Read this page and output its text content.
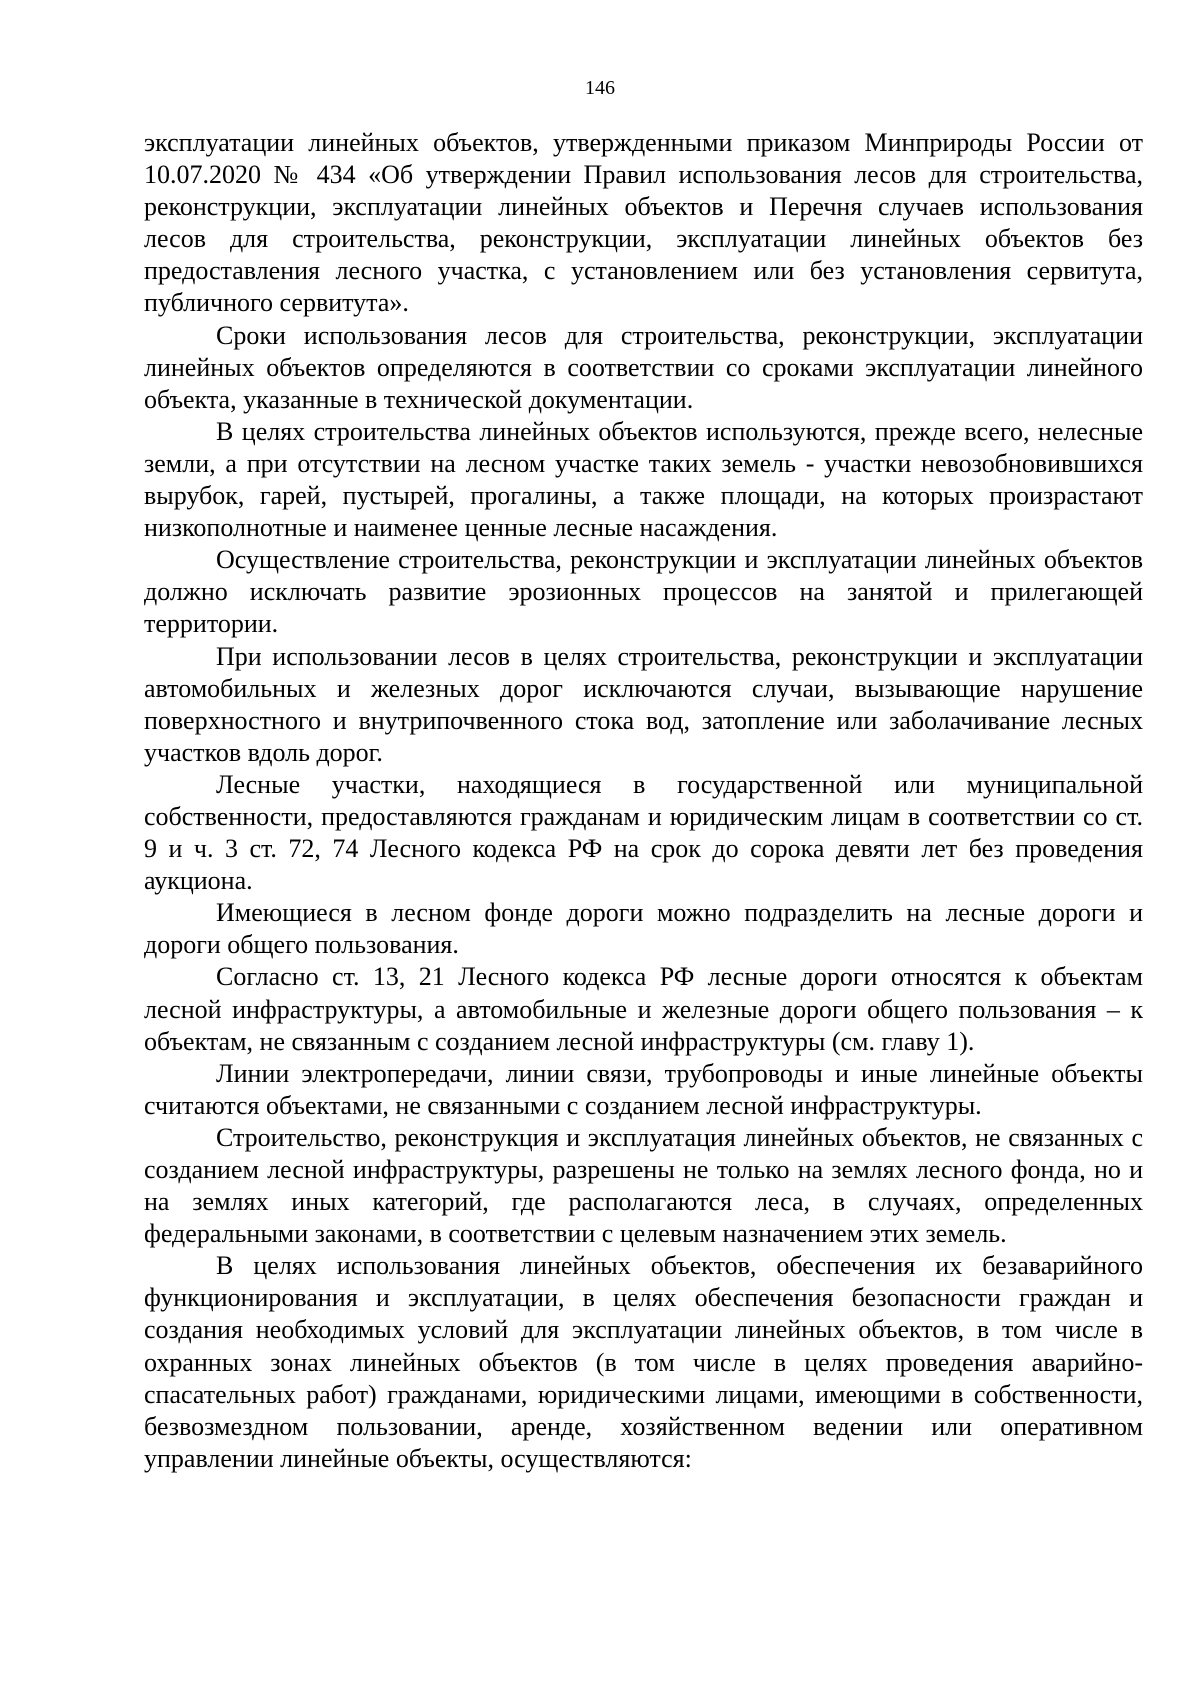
146

эксплуатации линейных объектов, утвержденными приказом Минприроды России от 10.07.2020 № 434 «Об утверждении Правил использования лесов для строительства, реконструкции, эксплуатации линейных объектов и Перечня случаев использования лесов для строительства, реконструкции, эксплуатации линейных объектов без предоставления лесного участка, с установлением или без установления сервитута, публичного сервитута».

Сроки использования лесов для строительства, реконструкции, эксплуатации линейных объектов определяются в соответствии со сроками эксплуатации линейного объекта, указанные в технической документации.

В целях строительства линейных объектов используются, прежде всего, нелесные земли, а при отсутствии на лесном участке таких земель - участки невозобновившихся вырубок, гарей, пустырей, прогалины, а также площади, на которых произрастают низкополнотные и наименее ценные лесные насаждения.

Осуществление строительства, реконструкции и эксплуатации линейных объектов должно исключать развитие эрозионных процессов на занятой и прилегающей территории.

При использовании лесов в целях строительства, реконструкции и эксплуатации автомобильных и железных дорог исключаются случаи, вызывающие нарушение поверхностного и внутрипочвенного стока вод, затопление или заболачивание лесных участков вдоль дорог.

Лесные участки, находящиеся в государственной или муниципальной собственности, предоставляются гражданам и юридическим лицам в соответствии со ст. 9 и ч. 3 ст. 72, 74 Лесного кодекса РФ на срок до сорока девяти лет без проведения аукциона.

Имеющиеся в лесном фонде дороги можно подразделить на лесные дороги и дороги общего пользования.

Согласно ст. 13, 21 Лесного кодекса РФ лесные дороги относятся к объектам лесной инфраструктуры, а автомобильные и железные дороги общего пользования – к объектам, не связанным с созданием лесной инфраструктуры (см. главу 1).

Линии электропередачи, линии связи, трубопроводы и иные линейные объекты считаются объектами, не связанными с созданием лесной инфраструктуры.

Строительство, реконструкция и эксплуатация линейных объектов, не связанных с созданием лесной инфраструктуры, разрешены не только на землях лесного фонда, но и на землях иных категорий, где располагаются леса, в случаях, определенных федеральными законами, в соответствии с целевым назначением этих земель.

В целях использования линейных объектов, обеспечения их безаварийного функционирования и эксплуатации, в целях обеспечения безопасности граждан и создания необходимых условий для эксплуатации линейных объектов, в том числе в охранных зонах линейных объектов (в том числе в целях проведения аварийно-спасательных работ) гражданами, юридическими лицами, имеющими в собственности, безвозмездном пользовании, аренде, хозяйственном ведении или оперативном управлении линейные объекты, осуществляются:
